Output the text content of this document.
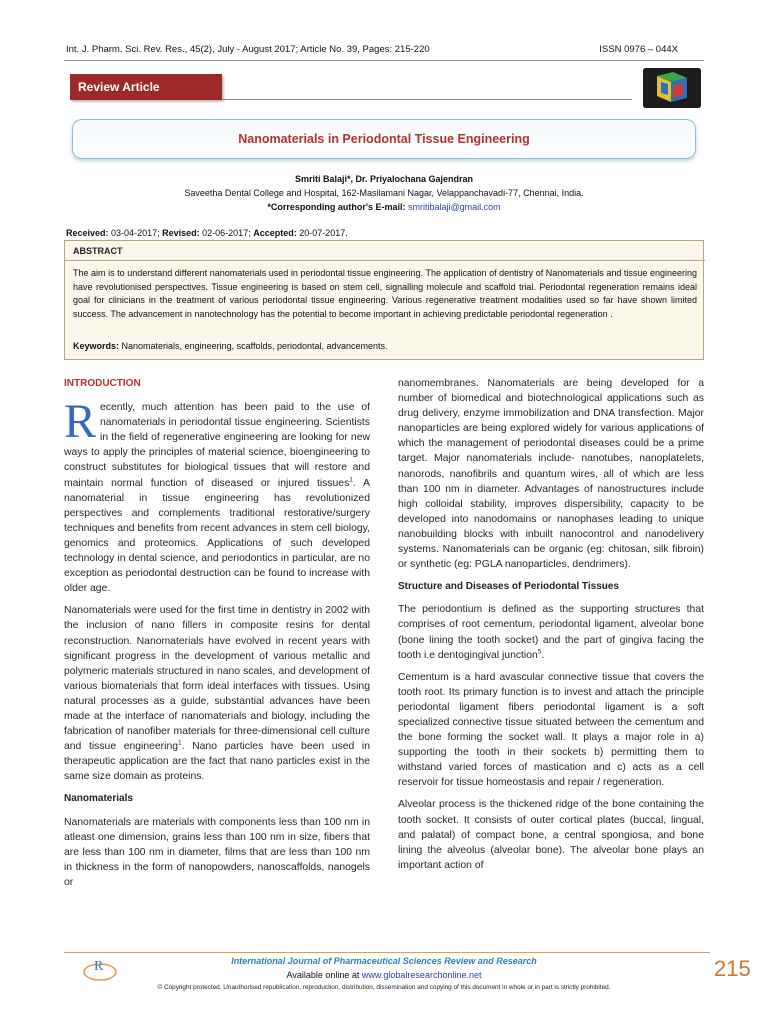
Int. J. Pharm. Sci. Rev. Res., 45(2), July - August 2017; Article No. 39, Pages: 215-220	ISSN 0976 – 044X
Review Article
Nanomaterials in Periodontal Tissue Engineering
Smriti Balaji*, Dr. Priyalochana Gajendran
Saveetha Dental College and Hospital, 162-Masilamani Nagar, Velappanchavadi-77, Chennai, India.
*Corresponding author's E-mail: smritibalaji@gmail.com
Received: 03-04-2017; Revised: 02-06-2017; Accepted: 20-07-2017.
ABSTRACT
The aim is to understand different nanomaterials used in periodontal tissue engineering. The application of dentistry of Nanomaterials and tissue engineering have revolutionised perspectives. Tissue engineering is based on stem cell, signalling molecule and scaffold trial. Periodontal regeneration remains ideal goal for clinicians in the treatment of various periodontal tissue engineering. Various regenerative treatment modalities used so far have shown limited success. The advancement in nanotechnology has the potential to become important in achieving predictable periodontal regeneration .
Keywords: Nanomaterials, engineering, scaffolds, periodontal, advancements.
INTRODUCTION

Recently, much attention has been paid to the use of nanomaterials in periodontal tissue engineering. Scientists in the field of regenerative engineering are looking for new ways to apply the principles of material science, bioengineering to construct substitutes for biological tissues that will restore and maintain normal function of diseased or injured tissues$^1$. A nanomaterial in tissue engineering has revolutionized perspectives and complements traditional restorative/surgery techniques and benefits from recent advances in stem cell biology, genomics and proteomics. Applications of such developed technology in dental science, and periodontics in particular, are no exception as periodontal destruction can be found to increase with older age.

Nanomaterials were used for the first time in dentistry in 2002 with the inclusion of nano fillers in composite resins for dental reconstruction. Nanomaterials have evolved in recent years with significant progress in the development of various metallic and polymeric materials structured in nano scales, and development of various biomaterials that form ideal interfaces with tissues. Using natural processes as a guide, substantial advances have been made at the interface of nanomaterials and biology, including the fabrication of nanofiber materials for three-dimensional cell culture and tissue engineering$^1$. Nano particles have been used in therapeutic application are the fact that nano particles exist in the same size domain as proteins.

Nanomaterials

Nanomaterials are materials with components less than 100 nm in atleast one dimension, grains less than 100 nm in size, fibers that are less than 100 nm in diameter, films that are less than 100 nm in thickness in the form of nanopowders, nanoscaffolds, nanogels or

nanomembranes. Nanomaterials are being developed for a number of biomedical and biotechnological applications such as drug delivery, enzyme immobilization and DNA transfection. Major nanoparticles are being explored widely for various applications of which the management of periodontal diseases could be a prime target. Major nanomaterials include- nanotubes, nanoplatelets, nanorods, nanofibrils and quantum wires, all of which are less than 100 nm in diameter. Advantages of nanostructures include high colloidal stability, improves dispersibility, capacity to be developed into nanodomains or nanophases leading to unique nanobuilding blocks with inbuilt nanocontrol and nanodelivery systems. Nanomaterials can be organic (eg: chitosan, silk fibroin) or synthetic (eg: PGLA nanoparticles, dendrimers).

Structure and Diseases of Periodontal Tissues

The periodontium is defined as the supporting structures that comprises of root cementum, periodontal ligament, alveolar bone (bone lining the tooth socket) and the part of gingiva facing the tooth i.e dentogingival junction$^5$.

Cementum is a hard avascular connective tissue that covers the tooth root. Its primary function is to invest and attach the principle periodontal ligament fibers periodontal ligament is a soft specialized connective tissue situated between the cementum and the bone forming the socket wall. It plays a major role in a) supporting the tooth in their sockets b) permitting them to withstand varied forces of mastication and c) acts as a cell reservoir for tissue homeostasis and repair / regeneration.

Alveolar process is the thickened ridge of the bone containing the tooth socket. It consists of outer cortical plates (buccal, lingual, and palatal) of compact bone, a central spongiosa, and bone lining the alveolus (alveolar bone). The alveolar bone plays an important action of

R	International Journal of Pharmaceutical Sciences Review and Research
Available online at www.globalresearchonline.net
© Copyright protected. Unauthorised republication, reproduction, distribution, dissemination and copying of this document in whole or in part is strictly prohibited.
215
